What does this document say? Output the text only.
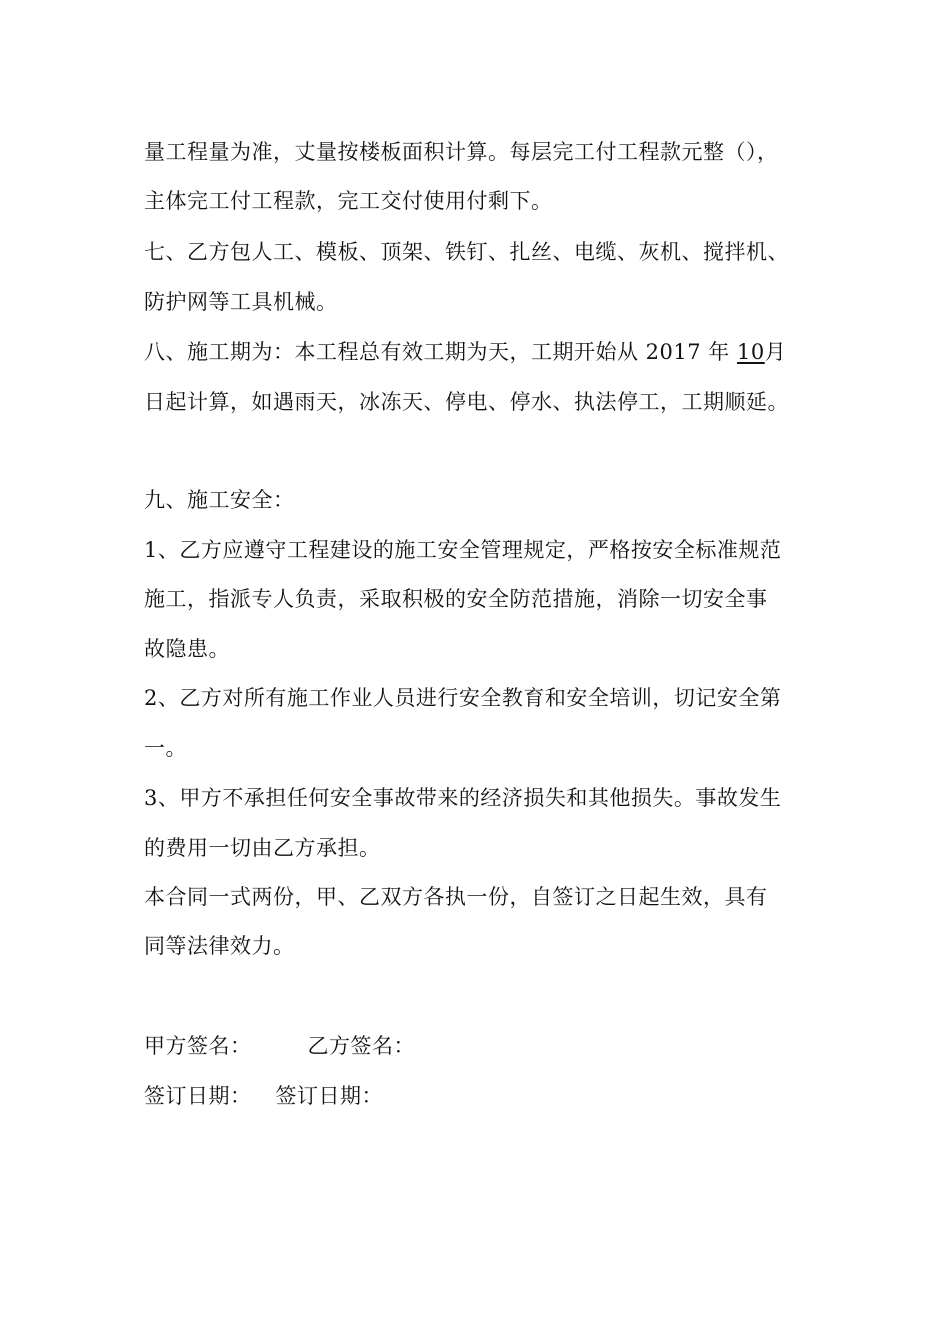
量工程量为准，丈量按楼板面积计算。每层完工付工程款元整（），
主体完工付工程款，完工交付使用付剩下。
七、乙方包人工、模板、顶架、铁钉、扎丝、电缆、灰机、搅拌机、
防护网等工具机械。
八、施工期为：本工程总有效工期为天，工期开始从 2017 年 10月
日起计算，如遇雨天，冰冻天、停电、停水、执法停工，工期顺延。
九、施工安全：
1、乙方应遵守工程建设的施工安全管理规定，严格按安全标准规范
施工，指派专人负责，采取积极的安全防范措施，消除一切安全事
故隐患。
2、乙方对所有施工作业人员进行安全教育和安全培训，切记安全第
一。
3、甲方不承担任何安全事故带来的经济损失和其他损失。事故发生
的费用一切由乙方承担。
本合同一式两份，甲、乙双方各执一份，自签订之日起生效，具有
同等法律效力。
甲方签名：	乙方签名：
签订日期： 签订日期：
